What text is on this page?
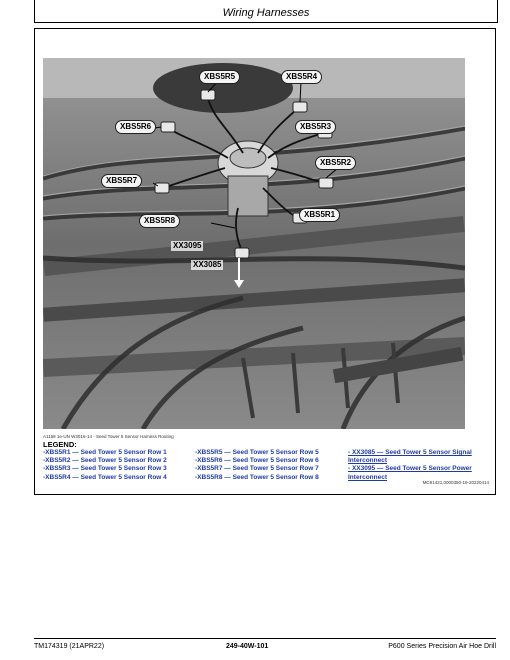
Wiring Harnesses
XBS5R5	XBS5R4
XBS5R6	XBS5R3
XBS5R2
XBS5R7
XBS5R1
XBS5R8
XX3095
XX3085
A1168 1e-UN W3016-14 - Seed Tower 5 Sensor Harness Routing
LEGEND:
-XBS5R1 — Seed Tower 5 Sensor Row 1
-XBS5R2 — Seed Tower 5 Sensor Row 2
-XBS5R3 — Seed Tower 5 Sensor Row 3
-XBS5R4 — Seed Tower 5 Sensor Row 4
-XBS5R5 — Seed Tower 5 Sensor Row 5
-XBS5R6 — Seed Tower 5 Sensor Row 6
-XBS5R7 — Seed Tower 5 Sensor Row 7
-XBS5R8 — Seed Tower 5 Sensor Row 8
- XX3085 — Seed Tower 5 Sensor Signal Interconnect
- XX3095 — Seed Tower 5 Sensor Power Interconnect
MC91421,0000350-19-20220414
TM174319 (21APR22)	249-40W-101	P600 Series Precision Air Hoe Drill
